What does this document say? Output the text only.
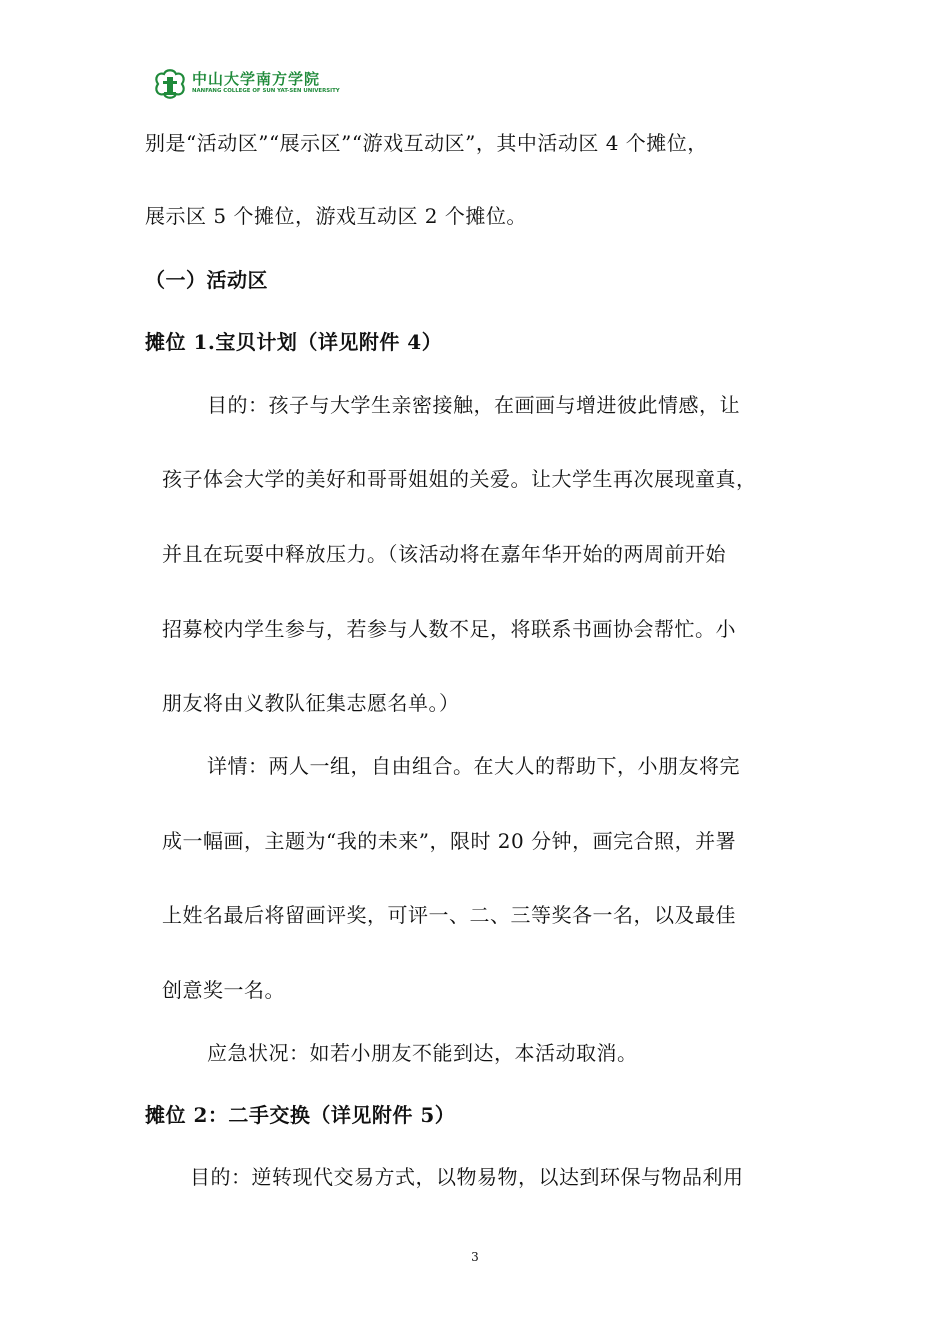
中山大学南方学院
NANFANG COLLEGE OF SUN YAT-SEN UNIVERSITY
别是“活动区”“展示区”“游戏互动区”，其中活动区 4 个摊位，
展示区 5 个摊位，游戏互动区 2 个摊位。
（一）活动区
摊位 1.宝贝计划（详见附件 4）
目的：孩子与大学生亲密接触，在画画与增进彼此情感，让
孩子体会大学的美好和哥哥姐姐的关爱。让大学生再次展现童真，
并且在玩耍中释放压力。（该活动将在嘉年华开始的两周前开始
招募校内学生参与，若参与人数不足，将联系书画协会帮忙。小
朋友将由义教队征集志愿名单。）
详情：两人一组，自由组合。在大人的帮助下，小朋友将完
成一幅画，主题为“我的未来”，限时 20 分钟，画完合照，并署
上姓名最后将留画评奖，可评一、二、三等奖各一名，以及最佳
创意奖一名。
应急状况：如若小朋友不能到达，本活动取消。
摊位 2：二手交换（详见附件 5）
目的：逆转现代交易方式，以物易物，以达到环保与物品利用
3
